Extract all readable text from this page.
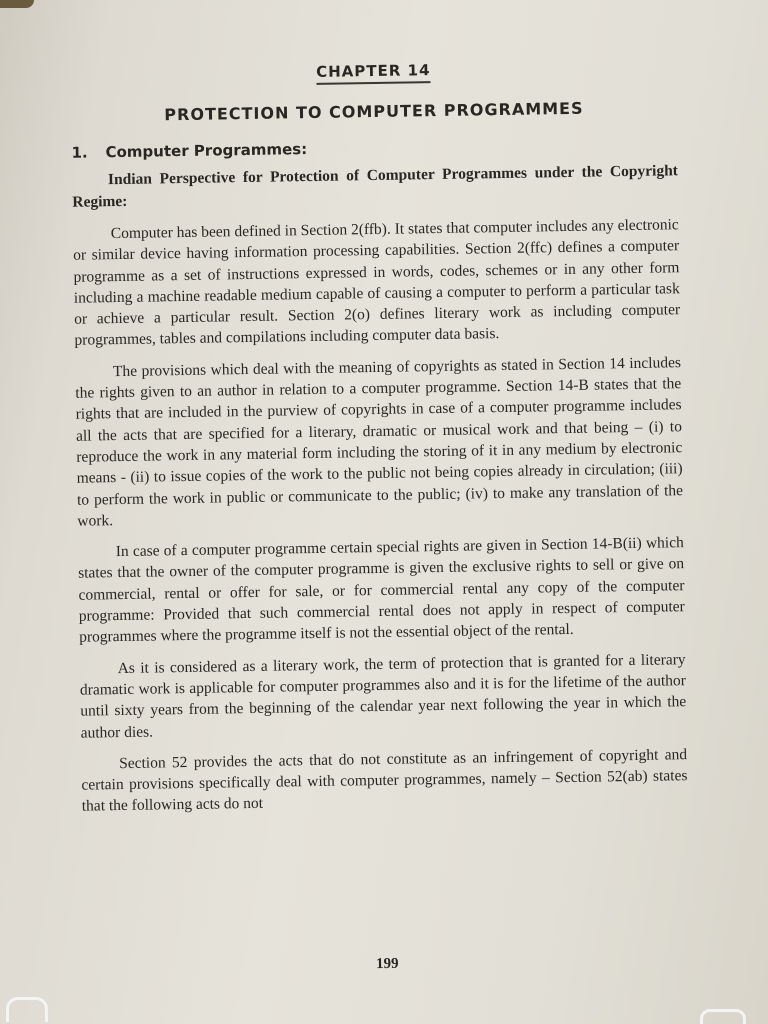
CHAPTER 14
PROTECTION TO COMPUTER PROGRAMMES
1. Computer Programmes:
Indian Perspective for Protection of Computer Programmes under the Copyright Regime:

Computer has been defined in Section 2(ffb). It states that computer includes any electronic or similar device having information processing capabilities. Section 2(ffc) defines a computer programme as a set of instructions expressed in words, codes, schemes or in any other form including a machine readable medium capable of causing a computer to perform a particular task or achieve a particular result. Section 2(o) defines literary work as including computer programmes, tables and compilations including computer data basis.

The provisions which deal with the meaning of copyrights as stated in Section 14 includes the rights given to an author in relation to a computer programme. Section 14-B states that the rights that are included in the purview of copyrights in case of a computer programme includes all the acts that are specified for a literary, dramatic or musical work and that being – (i) to reproduce the work in any material form including the storing of it in any medium by electronic means - (ii) to issue copies of the work to the public not being copies already in circulation; (iii) to perform the work in public or communicate to the public; (iv) to make any translation of the work.

In case of a computer programme certain special rights are given in Section 14-B(ii) which states that the owner of the computer programme is given the exclusive rights to sell or give on commercial, rental or offer for sale, or for commercial rental any copy of the computer programme: Provided that such commercial rental does not apply in respect of computer programmes where the programme itself is not the essential object of the rental.

As it is considered as a literary work, the term of protection that is granted for a literary dramatic work is applicable for computer programmes also and it is for the lifetime of the author until sixty years from the beginning of the calendar year next following the year in which the author dies.

Section 52 provides the acts that do not constitute as an infringement of copyright and certain provisions specifically deal with computer programmes, namely – Section 52(ab) states that the following acts do not

199
